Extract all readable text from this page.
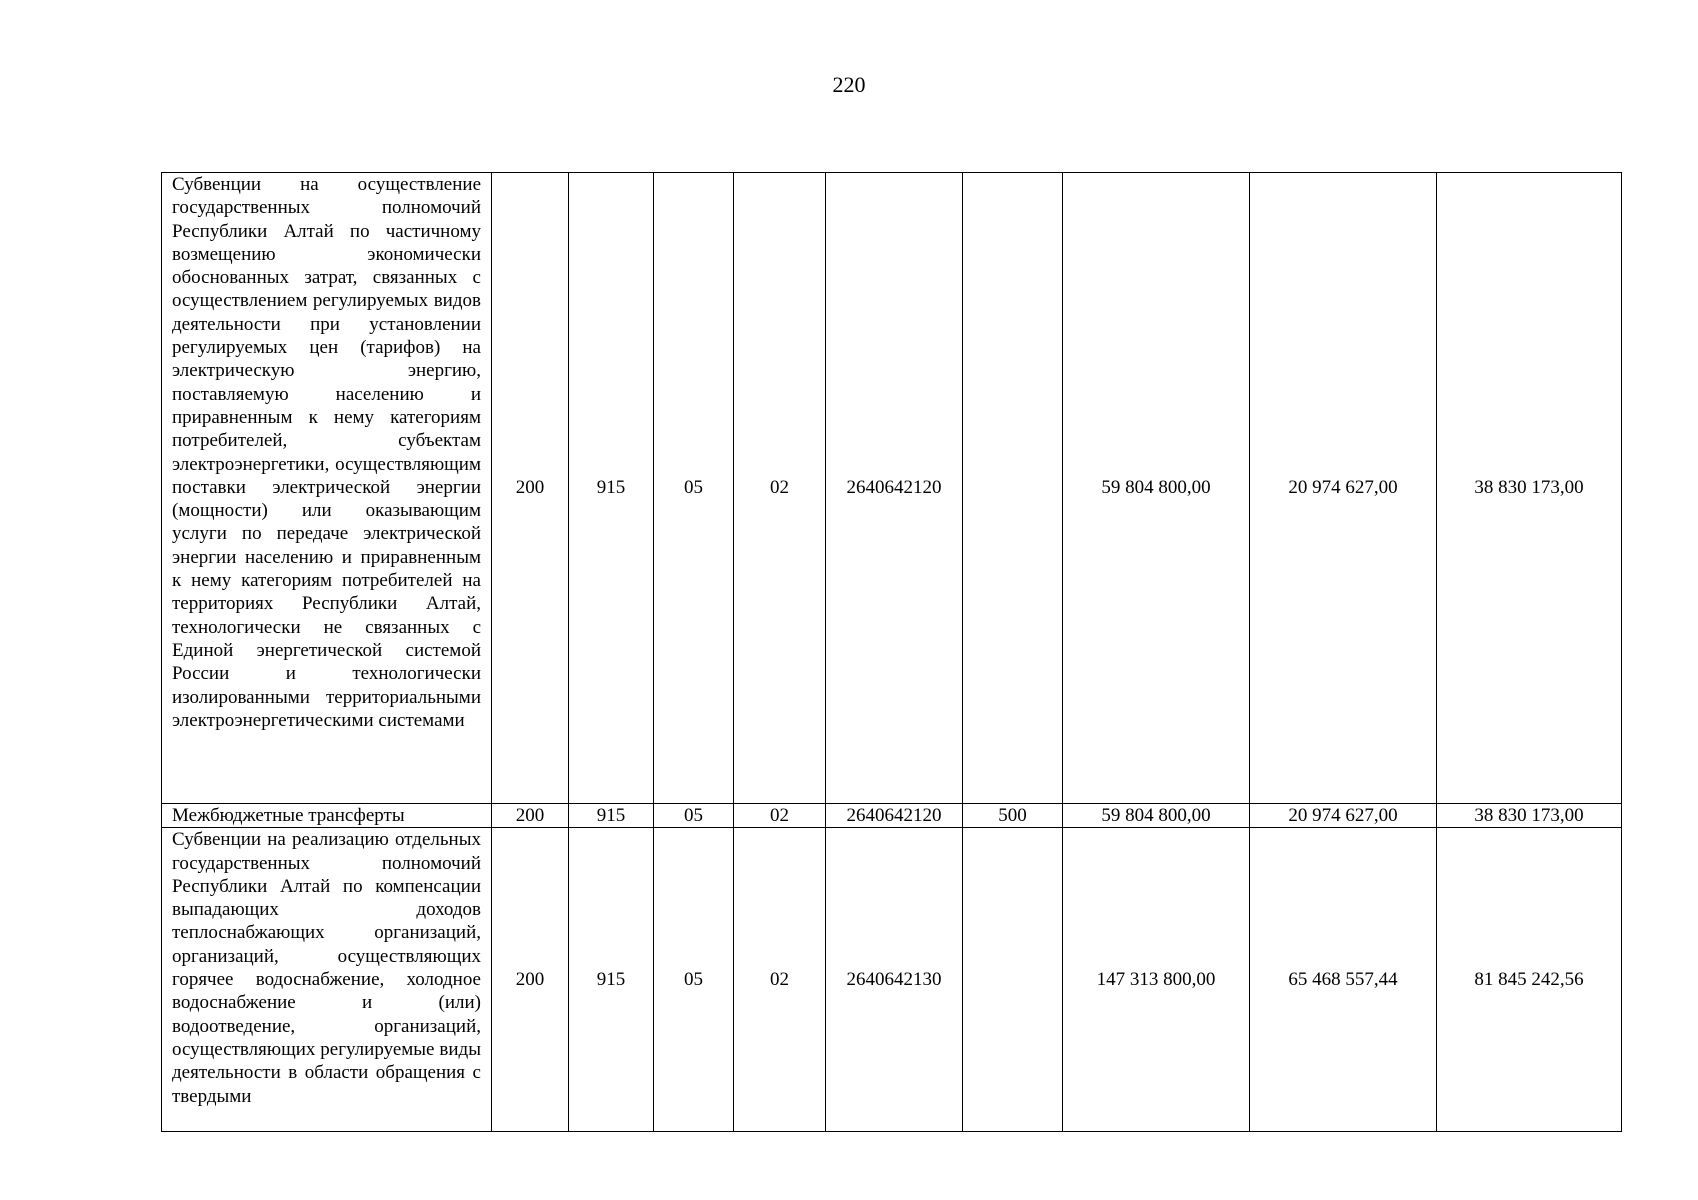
220
Субвенции на осуществление государственных полномочий Республики Алтай по частичному возмещению экономически обоснованных затрат, связанных с осуществлением регулируемых видов деятельности при установлении регулируемых цен (тарифов) на электрическую энергию, поставляемую населению и приравненным к нему категориям потребителей, субъектам электроэнергетики, осуществляющим поставки электрической энергии (мощности) или оказывающим услуги по передаче электрической энергии населению и приравненным к нему категориям потребителей на территориях Республики Алтай, технологически не связанных с Единой энергетической системой России и технологически изолированными территориальными электроэнергетическими системами	200	915	05	02	2640642120		59 804 800,00	20 974 627,00	38 830 173,00

Межбюджетные трансферты	200	915	05	02	2640642120	500	59 804 800,00	20 974 627,00	38 830 173,00

Субвенции на реализацию отдельных государственных полномочий Республики Алтай по компенсации выпадающих доходов теплоснабжающих организаций, организаций, осуществляющих горячее водоснабжение, холодное водоснабжение и (или) водоотведение, организаций, осуществляющих регулируемые виды деятельности в области обращения с твердыми	200	915	05	02	2640642130		147 313 800,00	65 468 557,44	81 845 242,56
